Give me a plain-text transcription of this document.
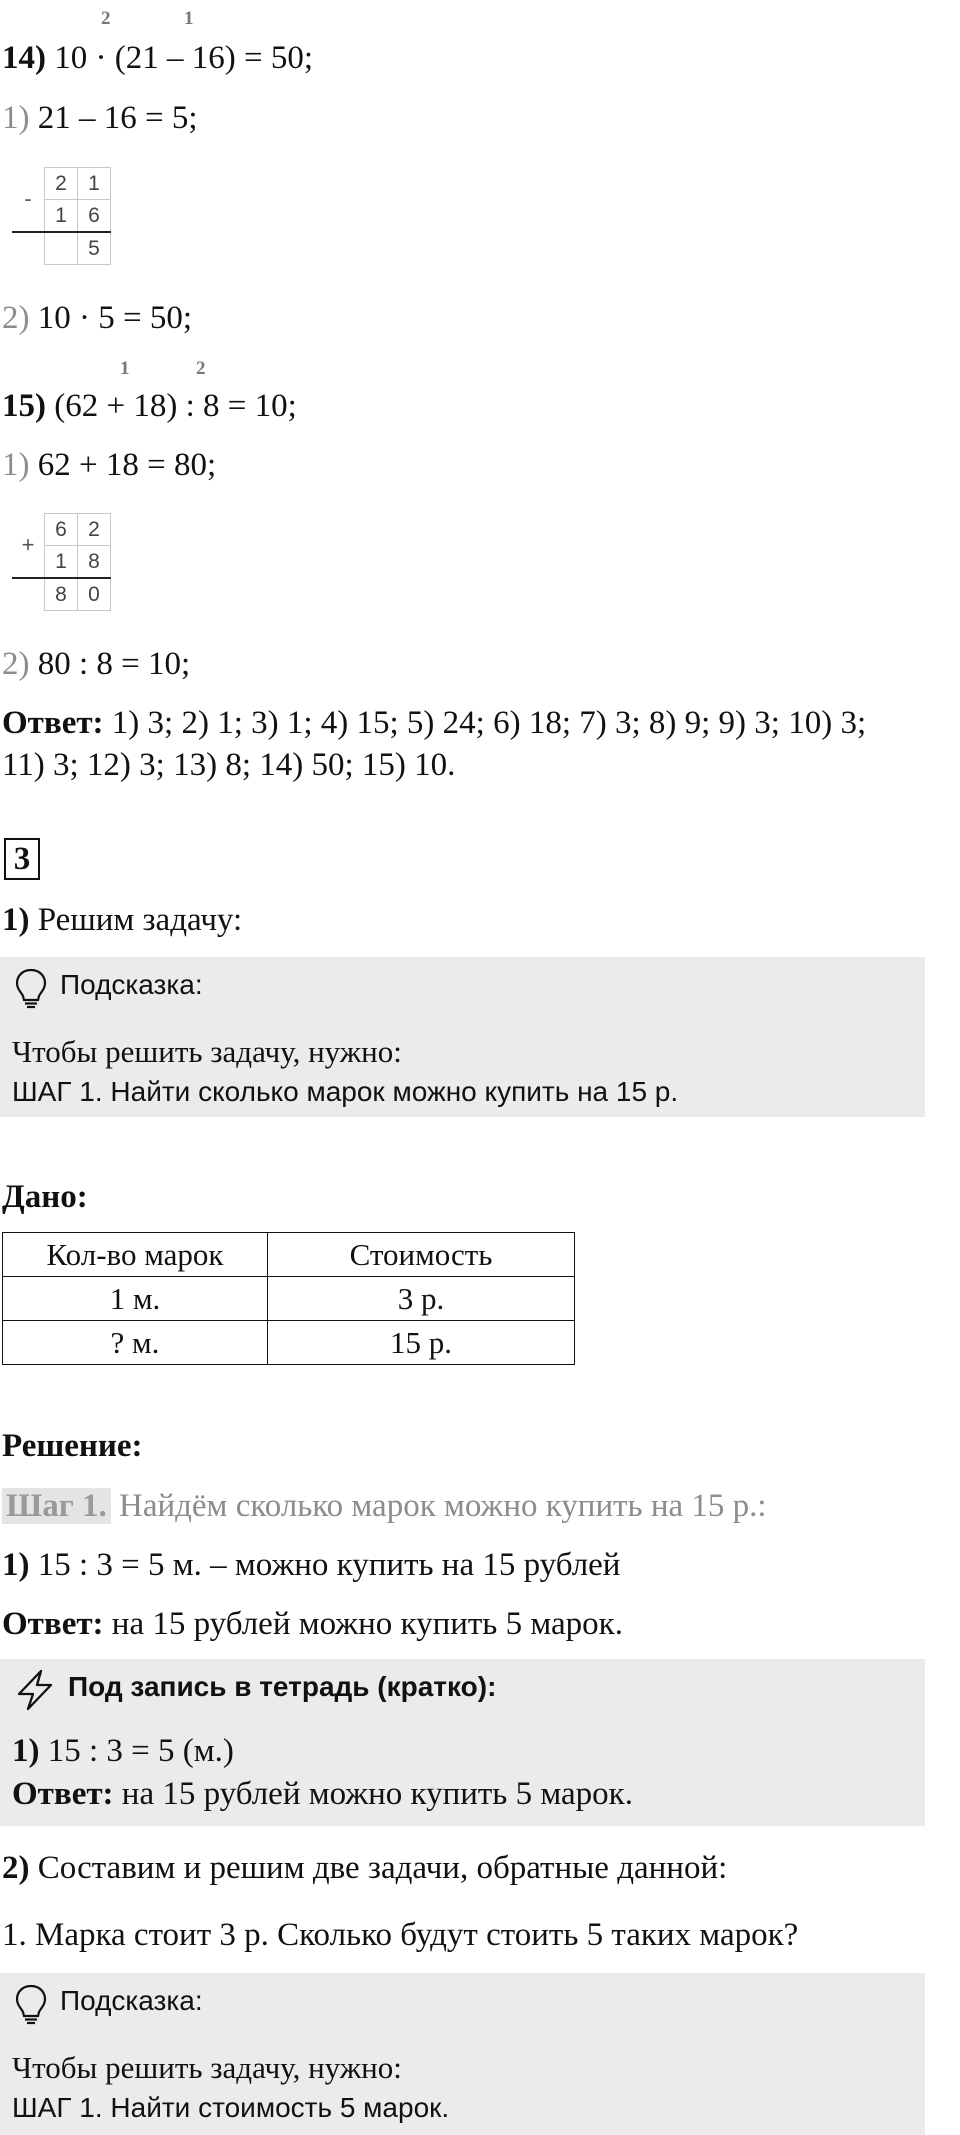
2	1
14) 10 · (21 – 16) = 50;
1) 21 – 16 = 5;
-	2	1
	1	6
		5
2) 10 · 5 = 50;
1	2
15) (62 + 18) : 8 = 10;
1) 62 + 18 = 80;
+	6	2
	1	8
	8	0
2) 80 : 8 = 10;
Ответ: 1) 3; 2) 1; 3) 1; 4) 15; 5) 24; 6) 18; 7) 3; 8) 9; 9) 3; 10) 3;
11) 3; 12) 3; 13) 8; 14) 50; 15) 10.
3
1) Решим задачу:
Подсказка:
Чтобы решить задачу, нужно:
ШАГ 1. Найти сколько марок можно купить на 15 р.
Дано:
Кол-во марок	Стоимость
1 м.	3 р.
? м.	15 р.
Решение:
Шаг 1. Найдём сколько марок можно купить на 15 р.:
1) 15 : 3 = 5 м. – можно купить на 15 рублей
Ответ: на 15 рублей можно купить 5 марок.
Под запись в тетрадь (кратко):
1) 15 : 3 = 5 (м.)
Ответ: на 15 рублей можно купить 5 марок.
2) Составим и решим две задачи, обратные данной:
1. Марка стоит 3 р. Сколько будут стоить 5 таких марок?
Подсказка:
Чтобы решить задачу, нужно:
ШАГ 1. Найти стоимость 5 марок.
